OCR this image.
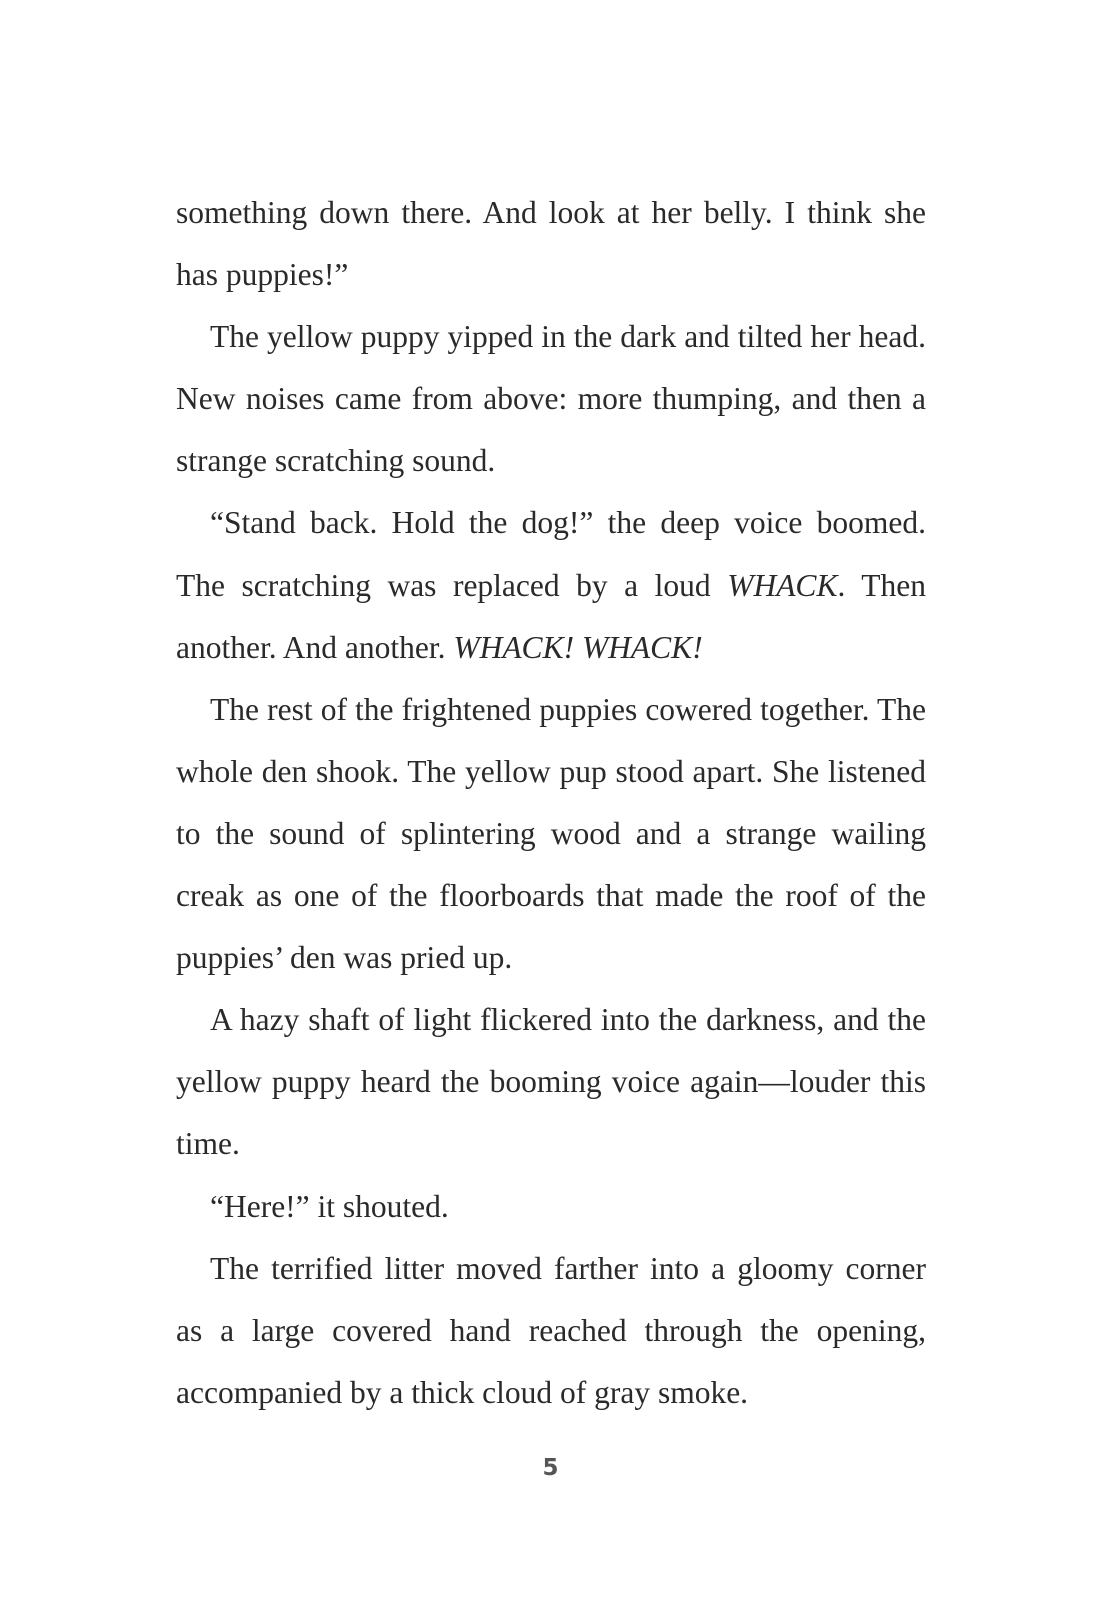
something down there. And look at her belly. I think she has puppies!”

The yellow puppy yipped in the dark and tilted her head. New noises came from above: more thumping, and then a strange scratching sound.

“Stand back. Hold the dog!” the deep voice boomed. The scratching was replaced by a loud WHACK. Then another. And another. WHACK! WHACK!

The rest of the frightened puppies cowered together. The whole den shook. The yellow pup stood apart. She listened to the sound of splintering wood and a strange wailing creak as one of the floorboards that made the roof of the puppies’ den was pried up.

A hazy shaft of light flickered into the darkness, and the yellow puppy heard the booming voice again—louder this time.

“Here!” it shouted.

The terrified litter moved farther into a gloomy corner as a large covered hand reached through the opening, accompanied by a thick cloud of gray smoke.

5
